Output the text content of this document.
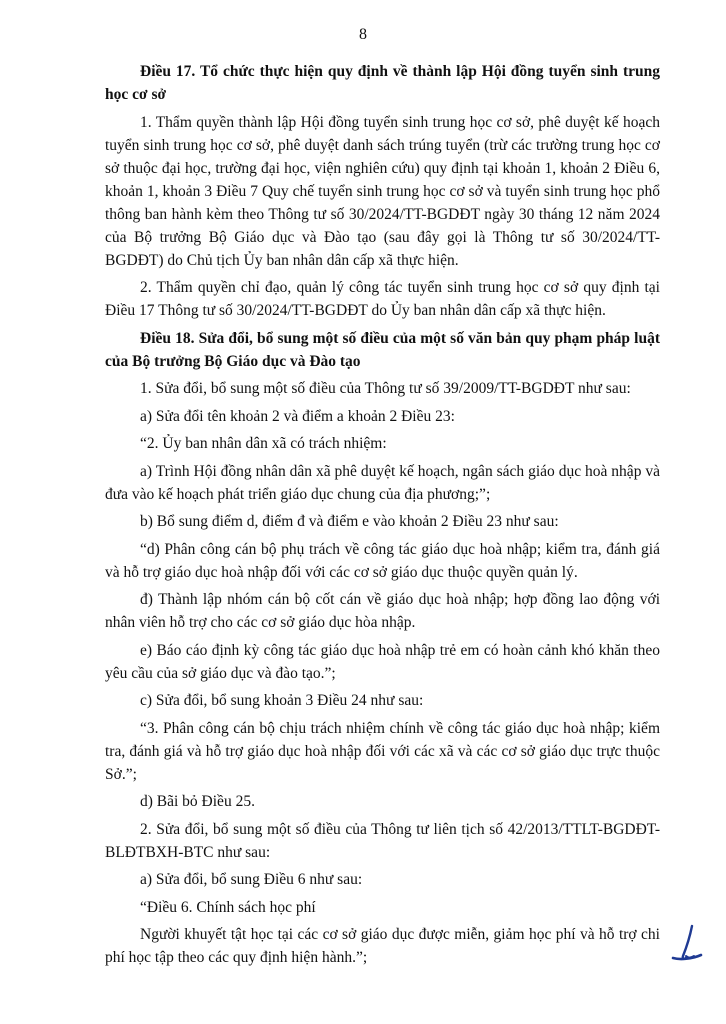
8

Điều 17. Tổ chức thực hiện quy định về thành lập Hội đồng tuyển sinh trung học cơ sở

1. Thẩm quyền thành lập Hội đồng tuyển sinh trung học cơ sở, phê duyệt kế hoạch tuyển sinh trung học cơ sở, phê duyệt danh sách trúng tuyển (trừ các trường trung học cơ sở thuộc đại học, trường đại học, viện nghiên cứu) quy định tại khoản 1, khoản 2 Điều 6, khoản 1, khoản 3 Điều 7 Quy chế tuyển sinh trung học cơ sở và tuyển sinh trung học phổ thông ban hành kèm theo Thông tư số 30/2024/TT-BGDĐT ngày 30 tháng 12 năm 2024 của Bộ trưởng Bộ Giáo dục và Đào tạo (sau đây gọi là Thông tư số 30/2024/TT-BGDĐT) do Chủ tịch Ủy ban nhân dân cấp xã thực hiện.

2. Thẩm quyền chỉ đạo, quản lý công tác tuyển sinh trung học cơ sở quy định tại Điều 17 Thông tư số 30/2024/TT-BGDĐT do Ủy ban nhân dân cấp xã thực hiện.

Điều 18. Sửa đổi, bổ sung một số điều của một số văn bản quy phạm pháp luật của Bộ trưởng Bộ Giáo dục và Đào tạo

1. Sửa đổi, bổ sung một số điều của Thông tư số 39/2009/TT-BGDĐT như sau:

a) Sửa đổi tên khoản 2 và điểm a khoản 2 Điều 23:

“2. Ủy ban nhân dân xã có trách nhiệm:

a) Trình Hội đồng nhân dân xã phê duyệt kế hoạch, ngân sách giáo dục hoà nhập và đưa vào kế hoạch phát triển giáo dục chung của địa phương;”;

b) Bổ sung điểm d, điểm đ và điểm e vào khoản 2 Điều 23 như sau:

“d) Phân công cán bộ phụ trách về công tác giáo dục hoà nhập; kiểm tra, đánh giá và hỗ trợ giáo dục hoà nhập đối với các cơ sở giáo dục thuộc quyền quản lý.

đ) Thành lập nhóm cán bộ cốt cán về giáo dục hoà nhập; hợp đồng lao động với nhân viên hỗ trợ cho các cơ sở giáo dục hòa nhập.

e) Báo cáo định kỳ công tác giáo dục hoà nhập trẻ em có hoàn cảnh khó khăn theo yêu cầu của sở giáo dục và đào tạo.”;

c) Sửa đổi, bổ sung khoản 3 Điều 24 như sau:

“3. Phân công cán bộ chịu trách nhiệm chính về công tác giáo dục hoà nhập; kiểm tra, đánh giá và hỗ trợ giáo dục hoà nhập đối với các xã và các cơ sở giáo dục trực thuộc Sở.”;

d) Bãi bỏ Điều 25.

2. Sửa đổi, bổ sung một số điều của Thông tư liên tịch số 42/2013/TTLT-BGDĐT-BLĐTBXH-BTC như sau:

a) Sửa đổi, bổ sung Điều 6 như sau:

“Điều 6. Chính sách học phí

Người khuyết tật học tại các cơ sở giáo dục được miễn, giảm học phí và hỗ trợ chi phí học tập theo các quy định hiện hành.”;
